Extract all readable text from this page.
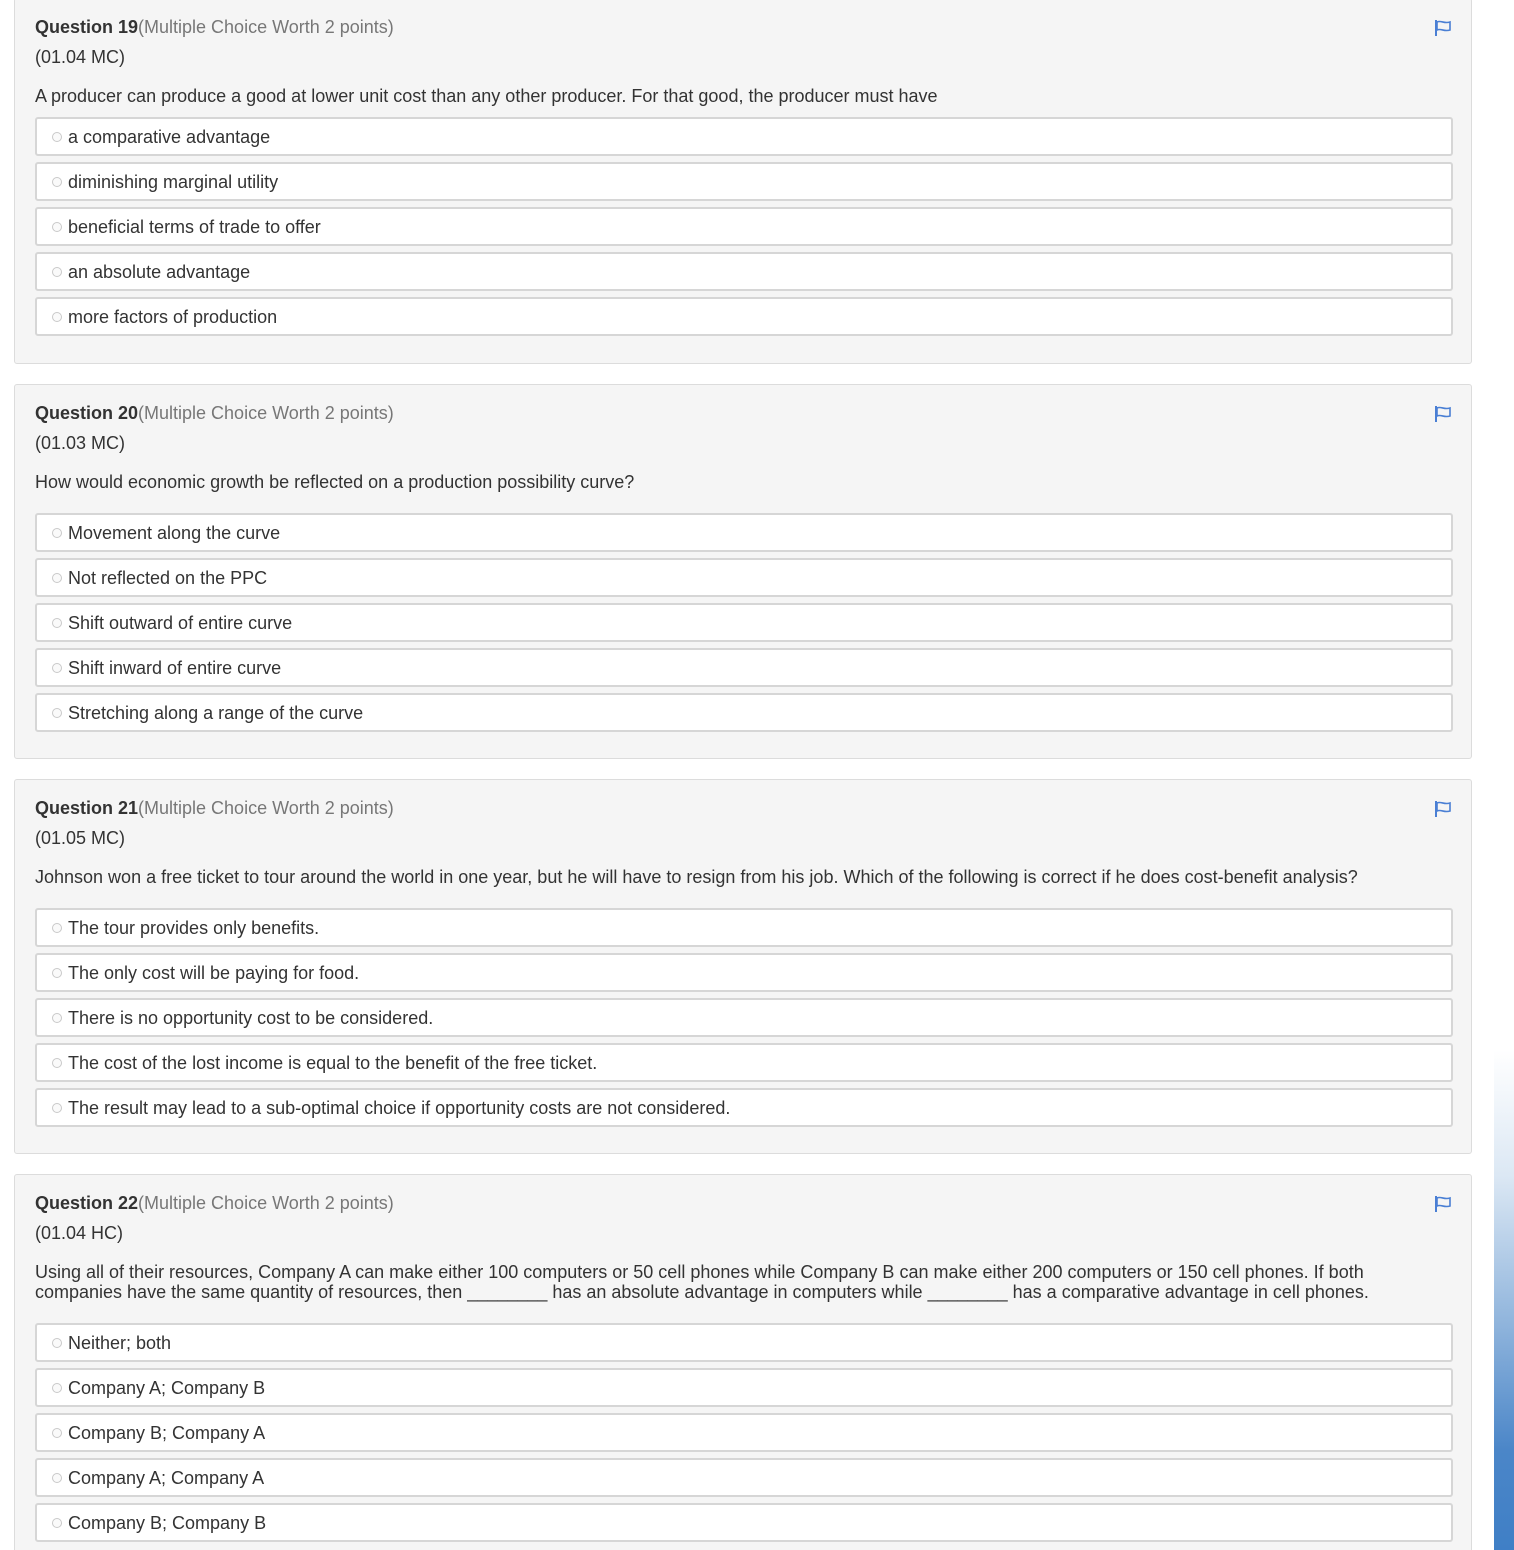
Question 19(Multiple Choice Worth 2 points)
(01.04 MC)
A producer can produce a good at lower unit cost than any other producer. For that good, the producer must have
a comparative advantage
diminishing marginal utility
beneficial terms of trade to offer
an absolute advantage
more factors of production
Question 20(Multiple Choice Worth 2 points)
(01.03 MC)
How would economic growth be reflected on a production possibility curve?
Movement along the curve
Not reflected on the PPC
Shift outward of entire curve
Shift inward of entire curve
Stretching along a range of the curve
Question 21(Multiple Choice Worth 2 points)
(01.05 MC)
Johnson won a free ticket to tour around the world in one year, but he will have to resign from his job. Which of the following is correct if he does cost-benefit analysis?
The tour provides only benefits.
The only cost will be paying for food.
There is no opportunity cost to be considered.
The cost of the lost income is equal to the benefit of the free ticket.
The result may lead to a sub-optimal choice if opportunity costs are not considered.
Question 22(Multiple Choice Worth 2 points)
(01.04 HC)
Using all of their resources, Company A can make either 100 computers or 50 cell phones while Company B can make either 200 computers or 150 cell phones. If both companies have the same quantity of resources, then ________ has an absolute advantage in computers while ________ has a comparative advantage in cell phones.
Neither; both
Company A; Company B
Company B; Company A
Company A; Company A
Company B; Company B
